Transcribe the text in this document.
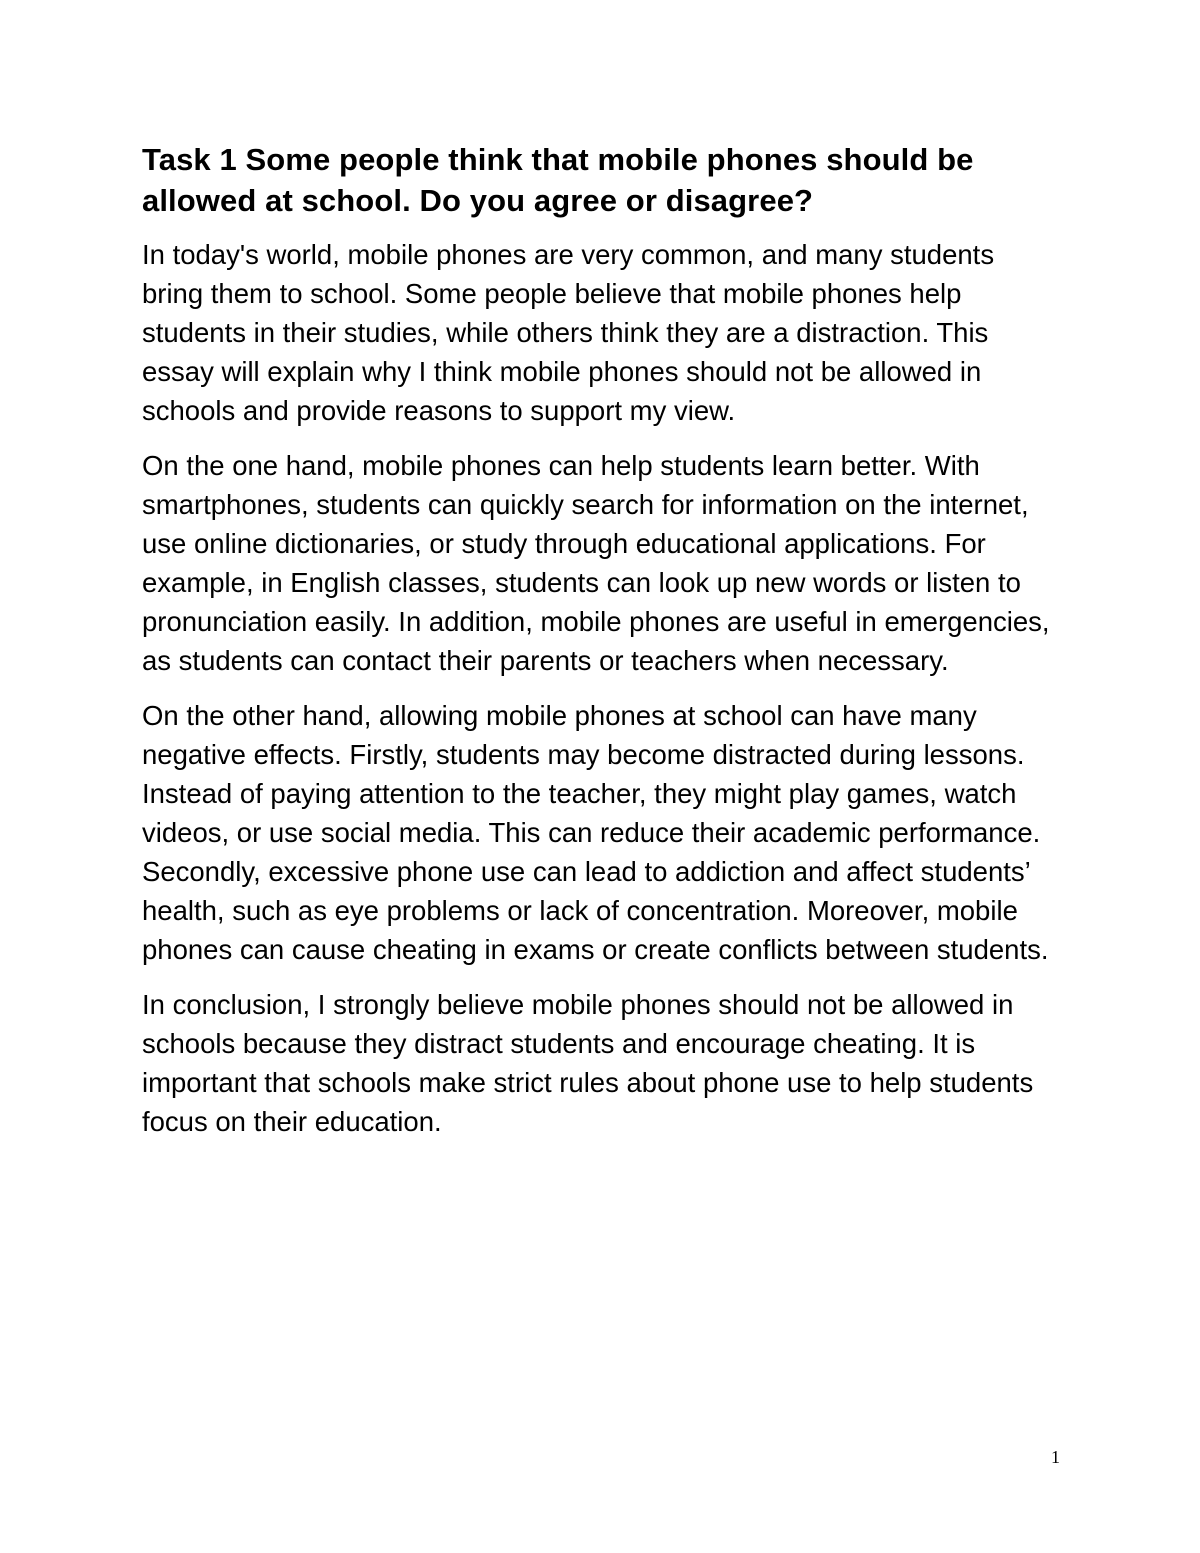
Task 1 Some people think that mobile phones should be allowed at school. Do you agree or disagree?

In today's world, mobile phones are very common, and many students bring them to school. Some people believe that mobile phones help students in their studies, while others think they are a distraction. This essay will explain why I think mobile phones should not be allowed in schools and provide reasons to support my view.

On the one hand, mobile phones can help students learn better. With smartphones, students can quickly search for information on the internet, use online dictionaries, or study through educational applications. For example, in English classes, students can look up new words or listen to pronunciation easily. In addition, mobile phones are useful in emergencies, as students can contact their parents or teachers when necessary.

On the other hand, allowing mobile phones at school can have many negative effects. Firstly, students may become distracted during lessons. Instead of paying attention to the teacher, they might play games, watch videos, or use social media. This can reduce their academic performance. Secondly, excessive phone use can lead to addiction and affect students’ health, such as eye problems or lack of concentration. Moreover, mobile phones can cause cheating in exams or create conflicts between students.

In conclusion, I strongly believe mobile phones should not be allowed in schools because they distract students and encourage cheating. It is important that schools make strict rules about phone use to help students focus on their education.

1
